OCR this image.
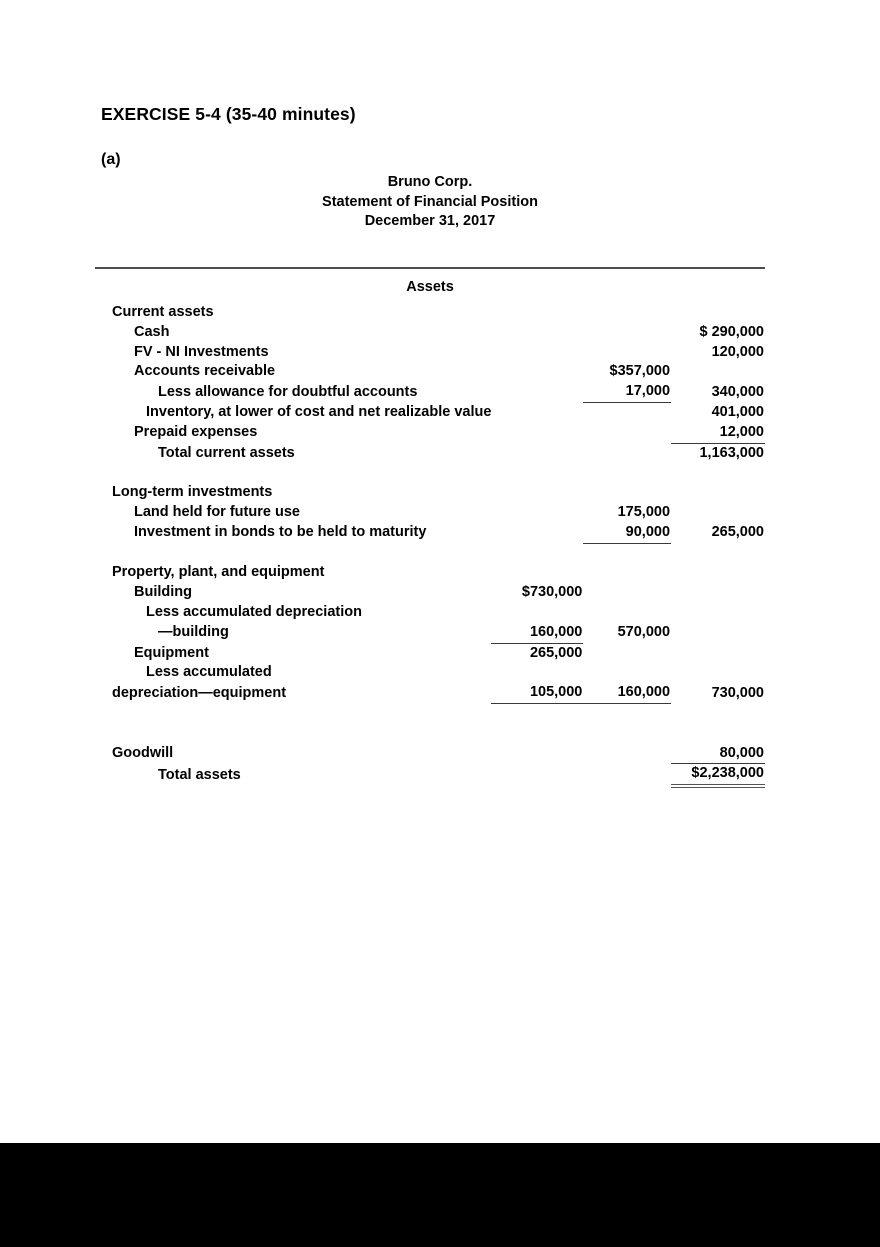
EXERCISE 5-4 (35-40 minutes)
(a)
Bruno Corp.
Statement of Financial Position
December 31, 2017
Assets
Current assets			
Cash			$ 290,000
FV - NI Investments			120,000
Accounts receivable		$357,000	
Less allowance for doubtful accounts		17,000	340,000
Inventory, at lower of cost and net realizable value			401,000
Prepaid expenses			12,000
Total current assets			1,163,000

Long-term investments			
Land held for future use		175,000	
Investment in bonds to be held to maturity		90,000	265,000

Property, plant, and equipment			
Building	$730,000		
Less accumulated depreciation			
—building	160,000	570,000	
Equipment	265,000		
Less accumulated			
depreciation—equipment	105,000	160,000	730,000

Goodwill			80,000
Total assets			$2,238,000
